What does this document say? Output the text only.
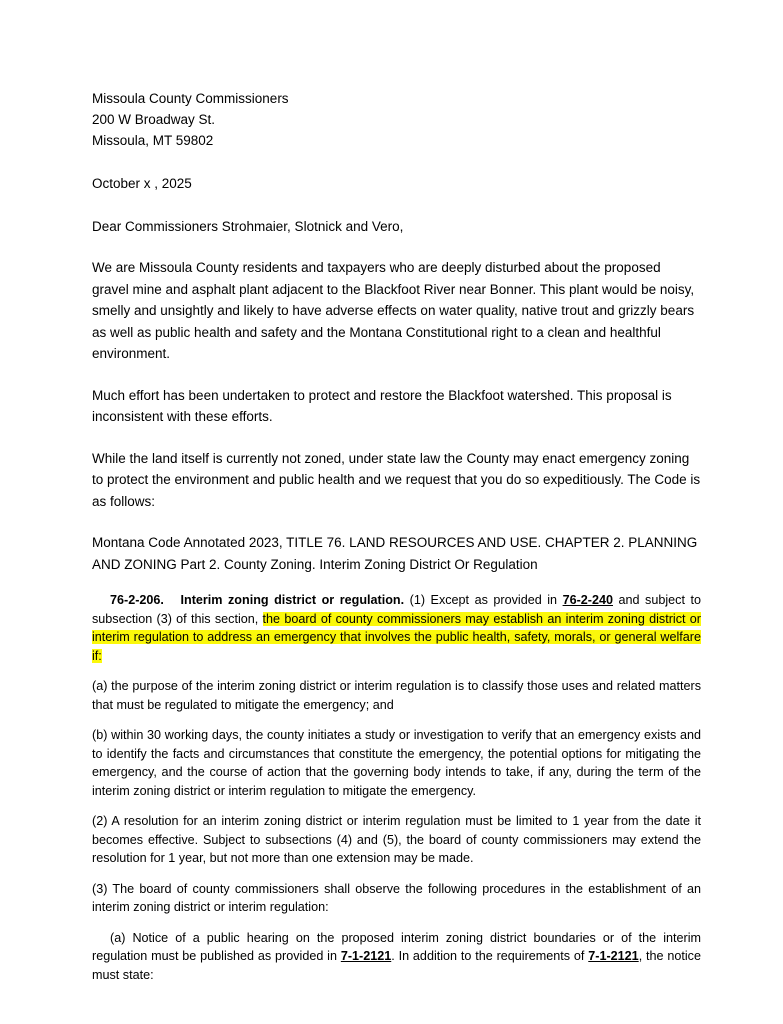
Missoula County Commissioners
200 W Broadway St.
Missoula, MT 59802
October x , 2025
Dear Commissioners Strohmaier, Slotnick and Vero,

We are Missoula County residents and taxpayers who are deeply disturbed about the proposed gravel mine and asphalt plant adjacent to the Blackfoot River near Bonner. This plant would be noisy, smelly and unsightly and likely to have adverse effects on water quality, native trout and grizzly bears as well as public health and safety and the Montana Constitutional right to a clean and healthful environment.

Much effort has been undertaken to protect and restore the Blackfoot watershed. This proposal is inconsistent with these efforts.

While the land itself is currently not zoned, under state law the County may enact emergency zoning to protect the environment and public health and we request that you do so expeditiously. The Code is as follows:

Montana Code Annotated 2023, TITLE 76. LAND RESOURCES AND USE. CHAPTER 2. PLANNING AND ZONING Part 2. County Zoning. Interim Zoning District Or Regulation

76-2-206. Interim zoning district or regulation. (1) Except as provided in 76-2-240 and subject to subsection (3) of this section, the board of county commissioners may establish an interim zoning district or interim regulation to address an emergency that involves the public health, safety, morals, or general welfare if:

(a) the purpose of the interim zoning district or interim regulation is to classify those uses and related matters that must be regulated to mitigate the emergency; and

(b) within 30 working days, the county initiates a study or investigation to verify that an emergency exists and to identify the facts and circumstances that constitute the emergency, the potential options for mitigating the emergency, and the course of action that the governing body intends to take, if any, during the term of the interim zoning district or interim regulation to mitigate the emergency.

(2) A resolution for an interim zoning district or interim regulation must be limited to 1 year from the date it becomes effective. Subject to subsections (4) and (5), the board of county commissioners may extend the resolution for 1 year, but not more than one extension may be made.

(3) The board of county commissioners shall observe the following procedures in the establishment of an interim zoning district or interim regulation:

(a) Notice of a public hearing on the proposed interim zoning district boundaries or of the interim regulation must be published as provided in 7-1-2121. In addition to the requirements of 7-1-2121, the notice must state:
